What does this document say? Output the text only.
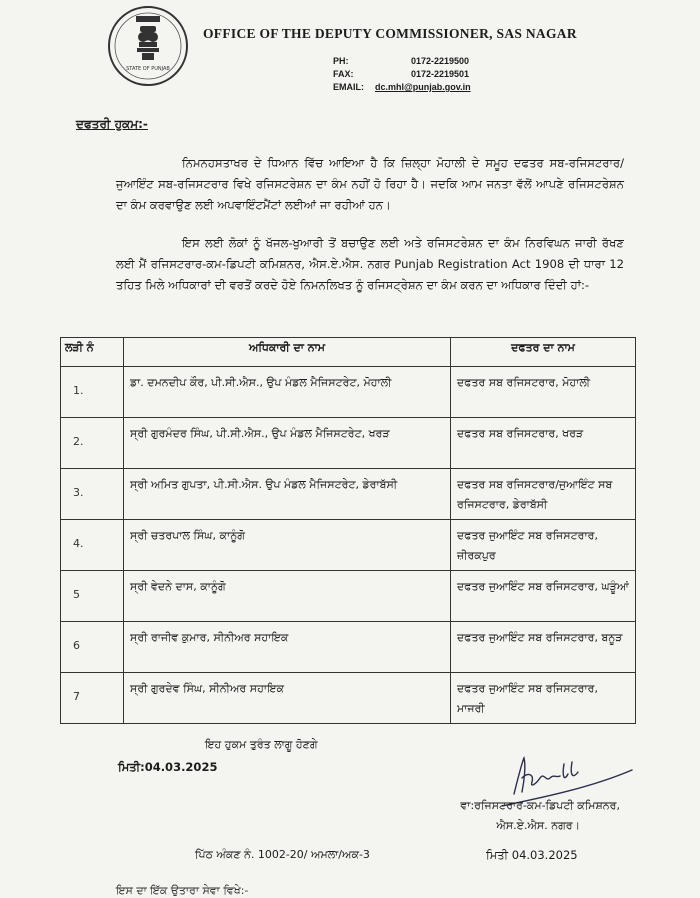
STATE OF PUNJAB
OFFICE OF THE DEPUTY COMMISSIONER, SAS NAGAR
PH:	0172-2219500
FAX:	0172-2219501
EMAIL:	dc.mhl@punjab.gov.in
ਦਫਤਰੀ ਹੁਕਮ:-
ਨਿਮਨਹਸਤਾਖਰ ਦੇ ਧਿਆਨ ਵਿੱਚ ਆਇਆ ਹੈ ਕਿ ਜ਼ਿਲ੍ਹਾ ਮੋਹਾਲੀ ਦੇ ਸਮੂਹ ਦਫਤਰ ਸਬ-ਰਜਿਸਟਰਾਰ/ਜੁਆਇੰਟ ਸਬ-ਰਜਿਸਟਰਾਰ ਵਿਖੇ ਰਜਿਸਟਰੇਸ਼ਨ ਦਾ ਕੰਮ ਨਹੀਂ ਹੋ ਰਿਹਾ ਹੈ। ਜਦਕਿ ਆਮ ਜਨਤਾ ਵੱਲੋਂ ਆਪਣੇ ਰਜਿਸਟਰੇਸ਼ਨ ਦਾ ਕੰਮ ਕਰਵਾਉਣ ਲਈ ਅਪਵਾਇੰਟਮੈਂਟਾਂ ਲਈਆਂ ਜਾ ਰਹੀਆਂ ਹਨ।
ਇਸ ਲਈ ਲੋਕਾਂ ਨੂੰ ਖੱਜਲ-ਖੁਆਰੀ ਤੋਂ ਬਚਾਉਣ ਲਈ ਅਤੇ ਰਜਿਸਟਰੇਸ਼ਨ ਦਾ ਕੰਮ ਨਿਰਵਿਘਨ ਜਾਰੀ ਰੱਖਣ ਲਈ ਮੈਂ ਰਜਿਸਟਰਾਰ-ਕਮ-ਡਿਪਟੀ ਕਮਿਸ਼ਨਰ, ਐਸ.ਏ.ਐਸ. ਨਗਰ Punjab Registration Act 1908 ਦੀ ਧਾਰਾ 12 ਤਹਿਤ ਮਿਲੇ ਅਧਿਕਾਰਾਂ ਦੀ ਵਰਤੋਂ ਕਰਦੇ ਹੋਏ ਨਿਮਨਲਿਖਤ ਨੂੰ ਰਜਿਸਟ੍ਰੇਸ਼ਨ ਦਾ ਕੰਮ ਕਰਨ ਦਾ ਅਧਿਕਾਰ ਦਿੰਦੀ ਹਾਂ:-
ਲੜੀ ਨੰ	ਅਧਿਕਾਰੀ ਦਾ ਨਾਮ	ਦਫਤਰ ਦਾ ਨਾਮ
1.	ਡਾ. ਦਮਨਦੀਪ ਕੌਰ, ਪੀ.ਸੀ.ਐਸ., ਉਪ ਮੰਡਲ ਮੈਜਿਸਟਰੇਟ, ਮੋਹਾਲੀ	ਦਫਤਰ ਸਬ ਰਜਿਸਟਰਾਰ, ਮੋਹਾਲੀ
2.	ਸ੍ਰੀ ਗੁਰਮੰਦਰ ਸਿੰਘ, ਪੀ.ਸੀ.ਐਸ., ਉਪ ਮੰਡਲ ਮੈਜਿਸਟਰੇਟ, ਖਰੜ	ਦਫਤਰ ਸਬ ਰਜਿਸਟਰਾਰ, ਖਰੜ
3.	ਸ੍ਰੀ ਅਮਿਤ ਗੁਪਤਾ, ਪੀ.ਸੀ.ਐਸ. ਉਪ ਮੰਡਲ ਮੈਜਿਸਟਰੇਟ, ਡੇਰਾਬੱਸੀ	ਦਫਤਰ ਸਬ ਰਜਿਸਟਰਾਰ/ਜੁਆਇੰਟ ਸਬ ਰਜਿਸਟਰਾਰ, ਡੇਰਾਬੱਸੀ
4.	ਸ੍ਰੀ ਚਤਰਪਾਲ ਸਿੰਘ, ਕਾਨੂੰਗੋ	ਦਫਤਰ ਜੁਆਇੰਟ ਸਬ ਰਜਿਸਟਰਾਰ, ਜ਼ੀਰਕਪੁਰ
5	ਸ੍ਰੀ ਵੇਦਨੇ ਦਾਸ, ਕਾਨੂੰਗੋ	ਦਫਤਰ ਜੁਆਇੰਟ ਸਬ ਰਜਿਸਟਰਾਰ, ਘੜੂੰਆਂ
6	ਸ੍ਰੀ ਰਾਜੀਵ ਕੁਮਾਰ, ਸੀਨੀਅਰ ਸਹਾਇਕ	ਦਫਤਰ ਜੁਆਇੰਟ ਸਬ ਰਜਿਸਟਰਾਰ, ਬਨੂੜ
7	ਸ੍ਰੀ ਗੁਰਦੇਵ ਸਿੰਘ, ਸੀਨੀਅਰ ਸਹਾਇਕ	ਦਫਤਰ ਜੁਆਇੰਟ ਸਬ ਰਜਿਸਟਰਾਰ, ਮਾਜਰੀ
ਇਹ ਹੁਕਮ ਤੁਰੰਤ ਲਾਗੂ ਹੋਣਗੇ
ਮਿਤੀ:04.03.2025
ਵਾ:ਰਜਿਸਟਰਾਰ-ਕਮ-ਡਿਪਟੀ ਕਮਿਸ਼ਨਰ,
ਐਸ.ਏ.ਐਸ. ਨਗਰ।
ਪਿੱਠ ਅੰਕਣ ਨੰ. 1002-20/ ਅਮਲਾ/ਅਕ-3	ਮਿਤੀ 04.03.2025
ਇਸ ਦਾ ਇੱਕ ਉਤਾਰਾ ਸੇਵਾ ਵਿਖੇ:-
